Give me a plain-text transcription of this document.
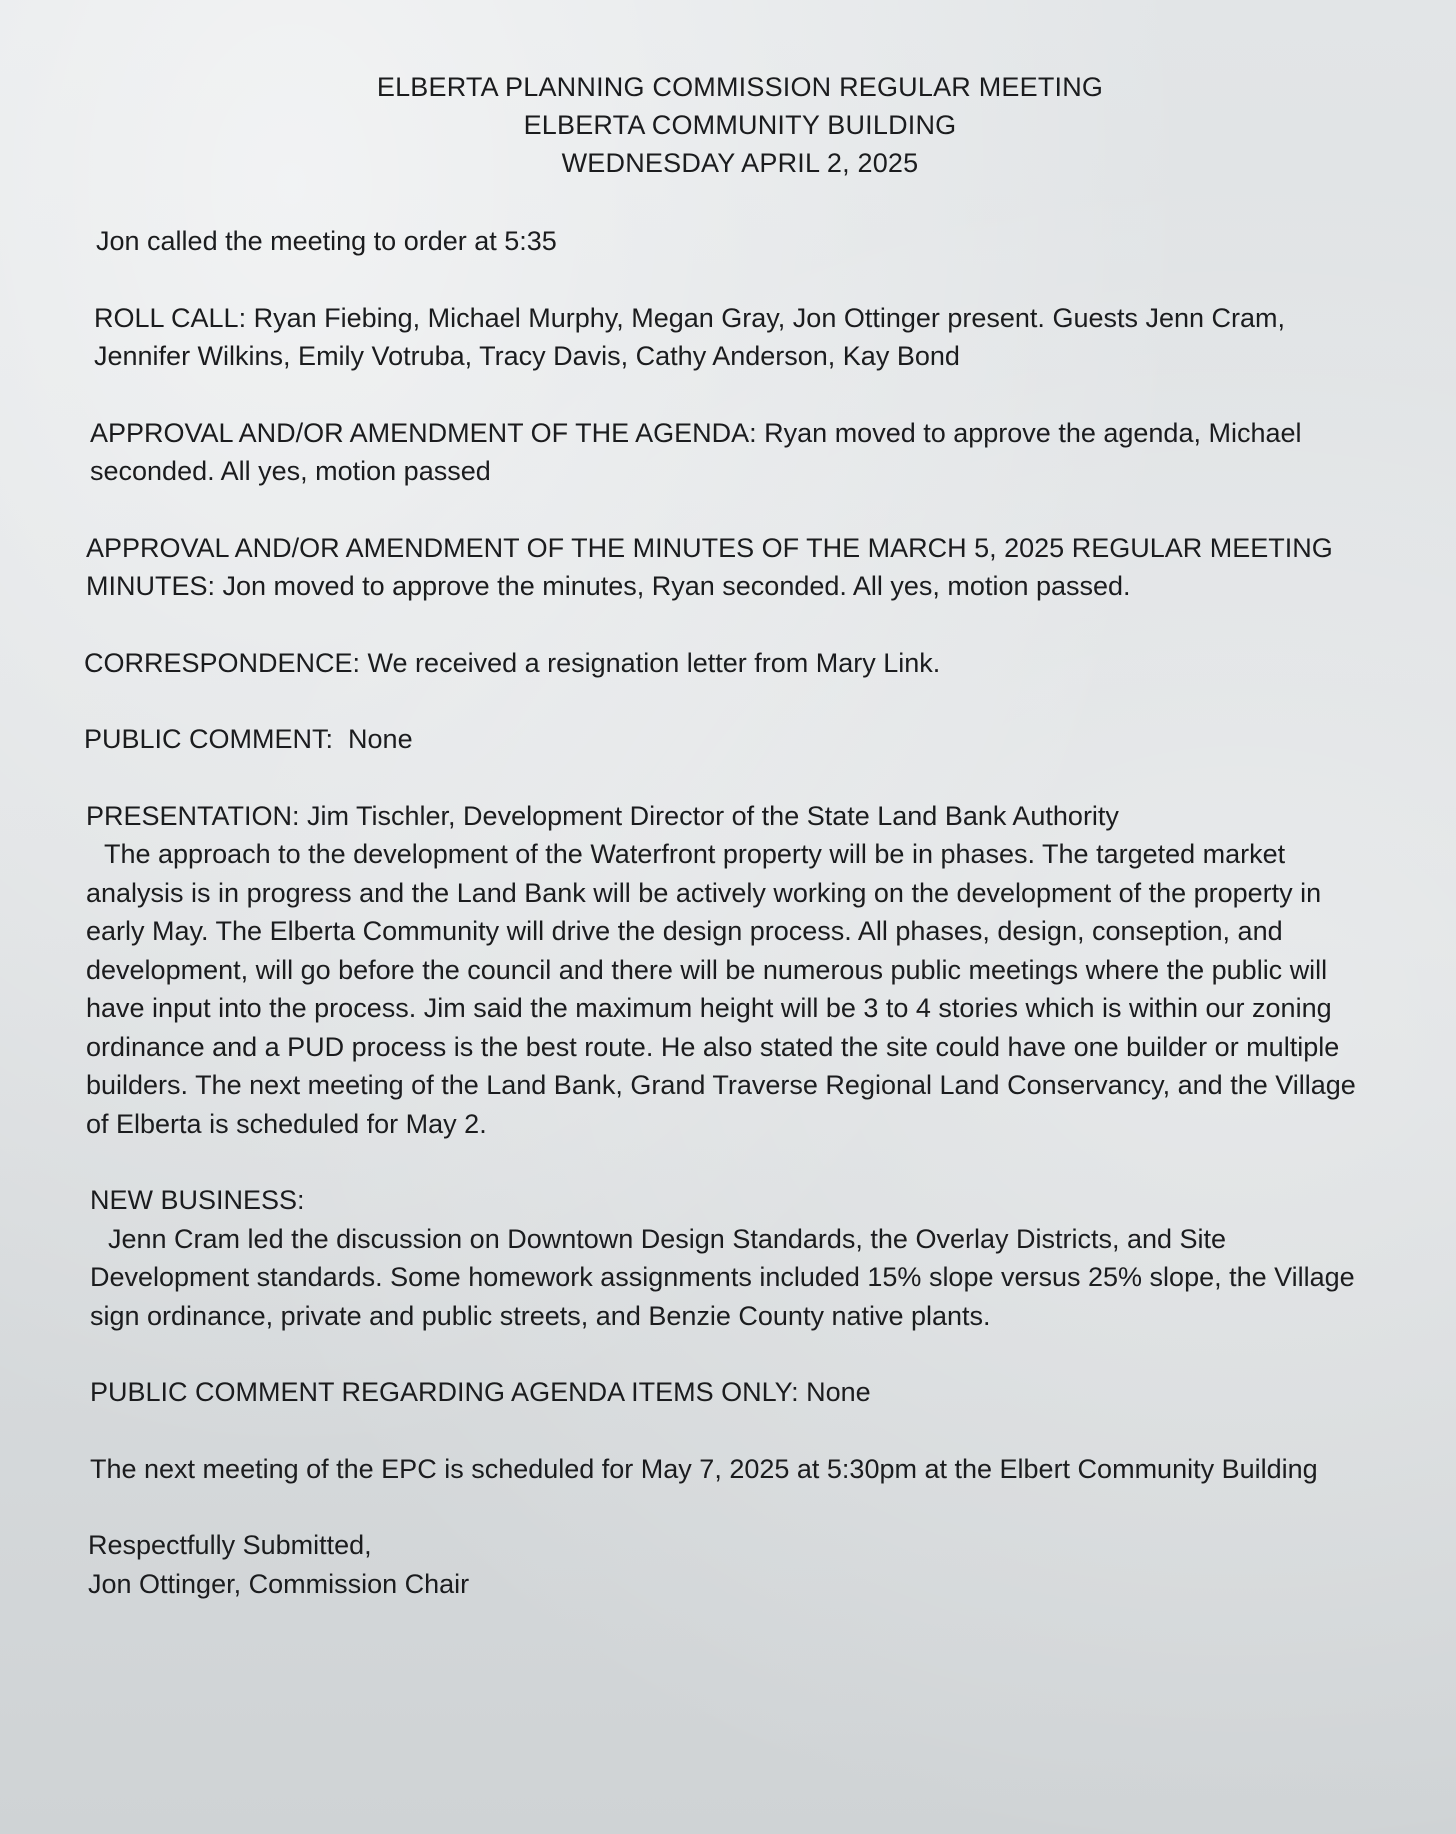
ELBERTA PLANNING COMMISSION REGULAR MEETING
ELBERTA COMMUNITY BUILDING
WEDNESDAY APRIL 2, 2025

Jon called the meeting to order at 5:35

ROLL CALL: Ryan Fiebing, Michael Murphy, Megan Gray, Jon Ottinger present. Guests Jenn Cram, Jennifer Wilkins, Emily Votruba, Tracy Davis, Cathy Anderson, Kay Bond

APPROVAL AND/OR AMENDMENT OF THE AGENDA: Ryan moved to approve the agenda, Michael seconded. All yes, motion passed

APPROVAL AND/OR AMENDMENT OF THE MINUTES OF THE MARCH 5, 2025 REGULAR MEETING MINUTES: Jon moved to approve the minutes, Ryan seconded. All yes, motion passed.

CORRESPONDENCE: We received a resignation letter from Mary Link.

PUBLIC COMMENT:  None

PRESENTATION: Jim Tischler, Development Director of the State Land Bank Authority
The approach to the development of the Waterfront property will be in phases. The targeted market analysis is in progress and the Land Bank will be actively working on the development of the property in early May. The Elberta Community will drive the design process. All phases, design, conseption, and development, will go before the council and there will be numerous public meetings where the public will have input into the process. Jim said the maximum height will be 3 to 4 stories which is within our zoning ordinance and a PUD process is the best route. He also stated the site could have one builder or multiple builders. The next meeting of the Land Bank, Grand Traverse Regional Land Conservancy, and the Village of Elberta is scheduled for May 2.
NEW BUSINESS:
Jenn Cram led the discussion on Downtown Design Standards, the Overlay Districts, and Site Development standards. Some homework assignments included 15% slope versus 25% slope, the Village sign ordinance, private and public streets, and Benzie County native plants.

PUBLIC COMMENT REGARDING AGENDA ITEMS ONLY: None

The next meeting of the EPC is scheduled for May 7, 2025 at 5:30pm at the Elbert Community Building

Respectfully Submitted,
Jon Ottinger, Commission Chair
